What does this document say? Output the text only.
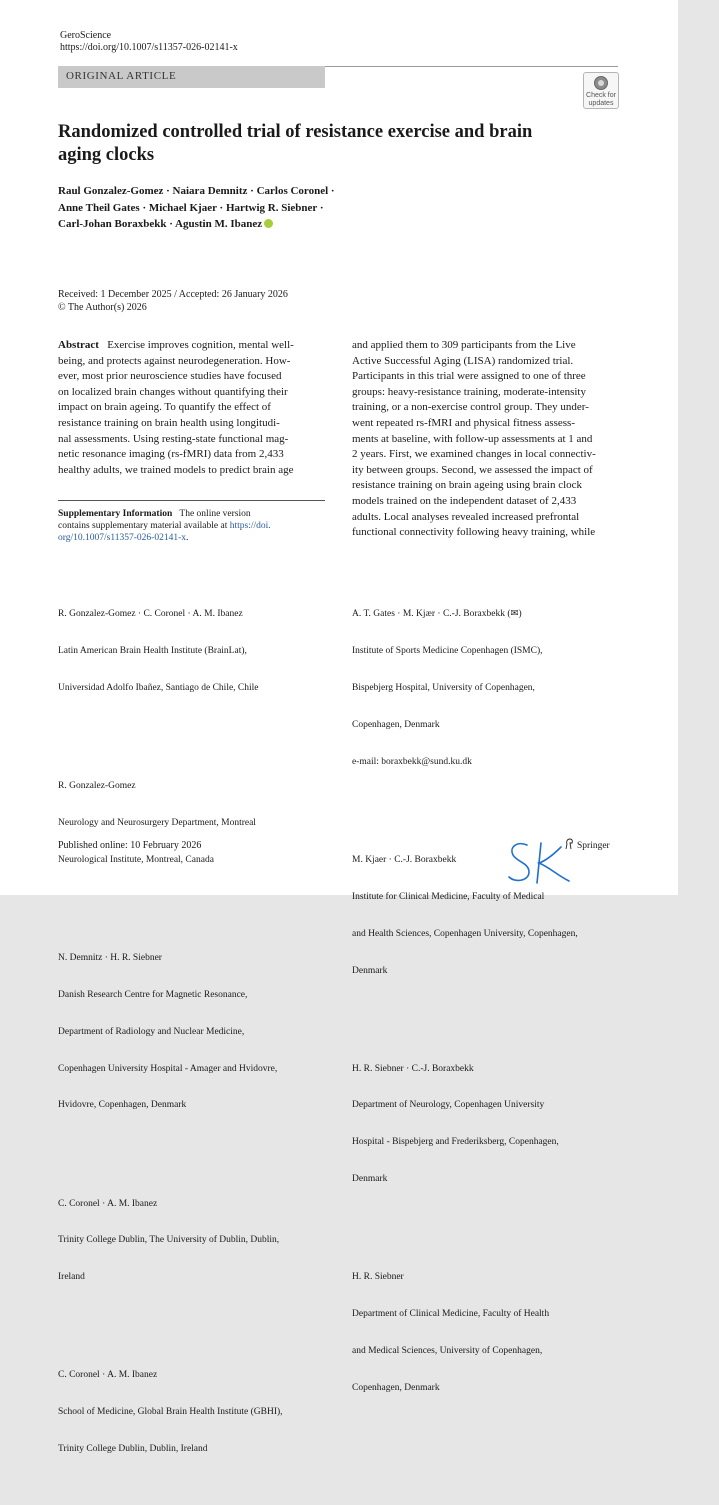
GeroScience
https://doi.org/10.1007/s11357-026-02141-x
ORIGINAL ARTICLE
Check for
updates
Randomized controlled trial of resistance exercise and brain
aging clocks
Raul Gonzalez-Gomez · Naiara Demnitz · Carlos Coronel ·
Anne Theil Gates · Michael Kjaer · Hartwig R. Siebner ·
Carl-Johan Boraxbekk · Agustin M. Ibanez
Received: 1 December 2025 / Accepted: 26 January 2026
© The Author(s) 2026
Abstract Exercise improves cognition, mental well-
being, and protects against neurodegeneration. How-
ever, most prior neuroscience studies have focused
on localized brain changes without quantifying their
impact on brain ageing. To quantify the effect of
resistance training on brain health using longitudi-
nal assessments. Using resting-state functional mag-
netic resonance imaging (rs-fMRI) data from 2,433
healthy adults, we trained models to predict brain age
and applied them to 309 participants from the Live
Active Successful Aging (LISA) randomized trial.
Participants in this trial were assigned to one of three
groups: heavy-resistance training, moderate-intensity
training, or a non-exercise control group. They under-
went repeated rs-fMRI and physical fitness assess-
ments at baseline, with follow-up assessments at 1 and
2 years. First, we examined changes in local connectiv-
ity between groups. Second, we assessed the impact of
resistance training on brain ageing using brain clock
models trained on the independent dataset of 2,433
adults. Local analyses revealed increased prefrontal
functional connectivity following heavy training, while
Supplementary Information The online version
contains supplementary material available at https://doi.
org/10.1007/s11357-026-02141-x.

R. Gonzalez-Gomez · C. Coronel · A. M. Ibanez

Latin American Brain Health Institute (BrainLat),

Universidad Adolfo Ibañez, Santiago de Chile, Chile

R. Gonzalez-Gomez

Neurology and Neurosurgery Department, Montreal

Neurological Institute, Montreal, Canada

N. Demnitz · H. R. Siebner

Danish Research Centre for Magnetic Resonance,

Department of Radiology and Nuclear Medicine,

Copenhagen University Hospital - Amager and Hvidovre,

Hvidovre, Copenhagen, Denmark

C. Coronel · A. M. Ibanez

Trinity College Dublin, The University of Dublin, Dublin,

Ireland

C. Coronel · A. M. Ibanez

School of Medicine, Global Brain Health Institute (GBHI),

Trinity College Dublin, Dublin, Ireland

A. T. Gates · M. Kjær · C.-J. Boraxbekk (✉)

Institute of Sports Medicine Copenhagen (ISMC),

Bispebjerg Hospital, University of Copenhagen,

Copenhagen, Denmark

e-mail: boraxbekk@sund.ku.dk

M. Kjaer · C.-J. Boraxbekk

Institute for Clinical Medicine, Faculty of Medical

and Health Sciences, Copenhagen University, Copenhagen,

Denmark

H. R. Siebner · C.-J. Boraxbekk

Department of Neurology, Copenhagen University

Hospital - Bispebjerg and Frederiksberg, Copenhagen,

Denmark

H. R. Siebner

Department of Clinical Medicine, Faculty of Health

and Medical Sciences, University of Copenhagen,

Copenhagen, Denmark

Published online: 10 February 2026	Springer
